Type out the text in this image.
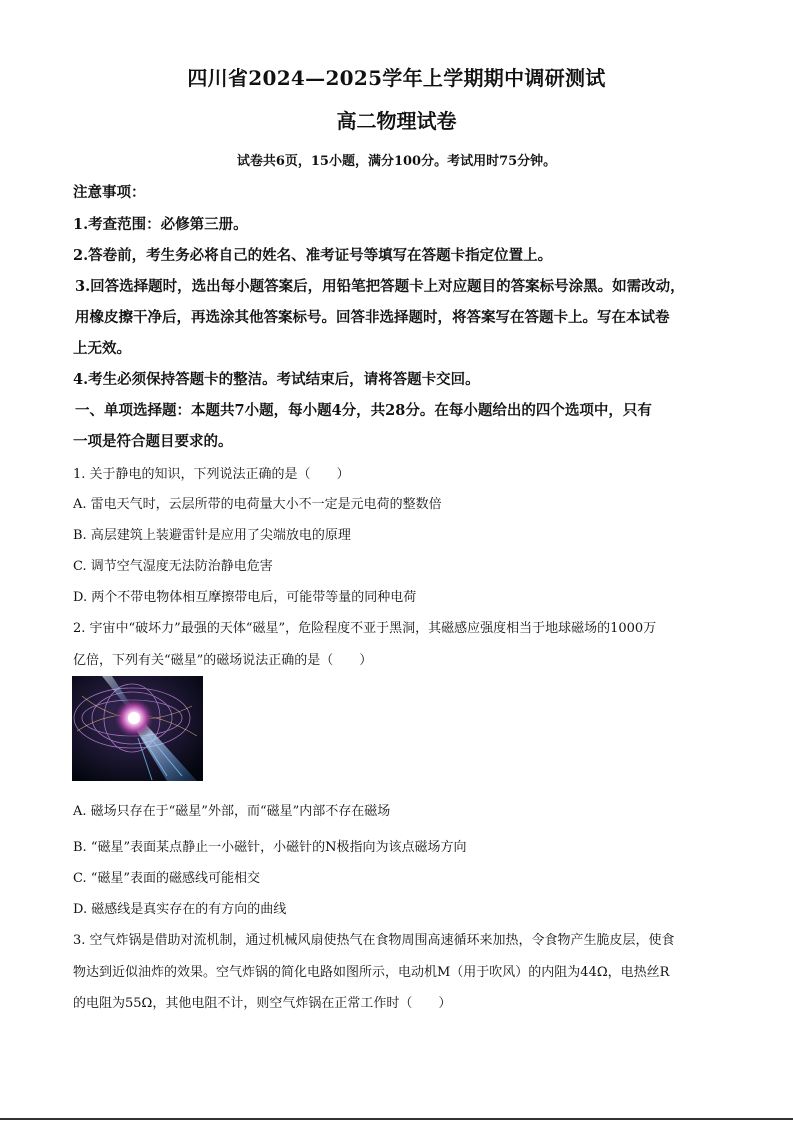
四川省2024—2025学年上学期期中调研测试
高二物理试卷
试卷共6页，15小题，满分100分。考试用时75分钟。
注意事项：
1.考查范围：必修第三册。
2.答卷前，考生务必将自己的姓名、准考证号等填写在答题卡指定位置上。
3.回答选择题时，选出每小题答案后，用铅笔把答题卡上对应题目的答案标号涂黑。如需改动，
用橡皮擦干净后，再选涂其他答案标号。回答非选择题时，将答案写在答题卡上。写在本试卷
上无效。
4.考生必须保持答题卡的整洁。考试结束后，请将答题卡交回。
一、单项选择题：本题共7小题，每小题4分，共28分。在每小题给出的四个选项中，只有
一项是符合题目要求的。
1. 关于静电的知识，下列说法正确的是（　　）
A. 雷电天气时，云层所带的电荷量大小不一定是元电荷的整数倍
B. 高层建筑上装避雷针是应用了尖端放电的原理
C. 调节空气湿度无法防治静电危害
D. 两个不带电物体相互摩擦带电后，可能带等量的同种电荷
2. 宇宙中“破坏力”最强的天体“磁星”，危险程度不亚于黑洞，其磁感应强度相当于地球磁场的1000万
亿倍，下列有关“磁星”的磁场说法正确的是（　　）
A. 磁场只存在于“磁星”外部，而“磁星”内部不存在磁场
B. “磁星”表面某点静止一小磁针，小磁针的N极指向为该点磁场方向
C. “磁星”表面的磁感线可能相交
D. 磁感线是真实存在的有方向的曲线
3. 空气炸锅是借助对流机制，通过机械风扇使热气在食物周围高速循环来加热，令食物产生脆皮层，使食
物达到近似油炸的效果。空气炸锅的简化电路如图所示，电动机M（用于吹风）的内阻为44Ω，电热丝R
的电阻为55Ω，其他电阻不计，则空气炸锅在正常工作时（　　）
